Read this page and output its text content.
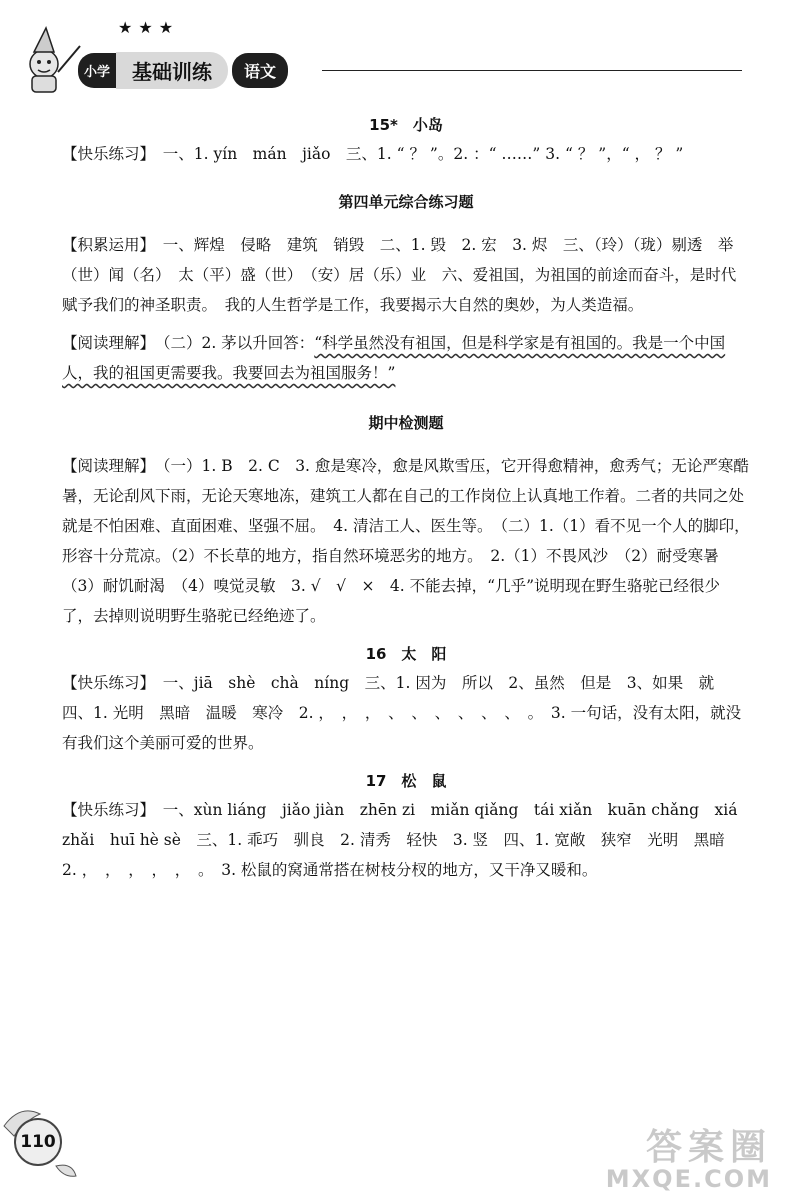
★★★
小学	基础训练	语文

15*　小岛

【快乐练习】　一、1. yín　mán　jiǎo　三、1. “ ？ ”。2. ：“ ……” 3. “ ？ ”，“ ， ？ ”

第四单元综合练习题

【积累运用】　一、辉煌　侵略　建筑　销毁　二、1. 毁　2. 宏　3. 烬　三、（玲）（珑）剔透　举（世）闻（名）　太（平）盛（世）　（安）居（乐）业　六、爱祖国，为祖国的前途而奋斗，是时代赋予我们的神圣职责。　我的人生哲学是工作，我要揭示大自然的奥妙，为人类造福。

【阅读理解】　（二）2. 茅以升回答：“科学虽然没有祖国，但是科学家是有祖国的。我是一个中国人，我的祖国更需要我。我要回去为祖国服务！”

期中检测题

【阅读理解】　（一）1. B　2. C　3. 愈是寒冷，愈是风欺雪压，它开得愈精神，愈秀气；无论严寒酷暑，无论刮风下雨，无论天寒地冻，建筑工人都在自己的工作岗位上认真地工作着。二者的共同之处就是不怕困难、直面困难、坚强不屈。　4. 清洁工人、医生等。　（二）1.（1）看不见一个人的脚印，形容十分荒凉。（2）不长草的地方，指自然环境恶劣的地方。　2.（1）不畏风沙　（2）耐受寒暑　（3）耐饥耐渴　（4）嗅觉灵敏　3. √　√　×　4. 不能去掉，“几乎”说明现在野生骆驼已经很少了，去掉则说明野生骆驼已经绝迹了。

16　太　阳

【快乐练习】　一、jiā　shè　chà　níng　三、1. 因为　所以　2、虽然　但是　3、如果　就　四、1. 光明　黑暗　温暖　寒冷　2. ，　，　，　、　、　、　、　、　、　。　3. 一句话，没有太阳，就没有我们这个美丽可爱的世界。

17　松　鼠

【快乐练习】　一、xùn liáng　jiǎo jiàn　zhēn zi　miǎn qiǎng　tái xiǎn　kuān chǎng　xiá zhǎi　huī hè sè　三、1. 乖巧　驯良　2. 清秀　轻快　3. 竖　四、1. 宽敞　狭窄　光明　黑暗　2. ，　，　，　，　，　。　3. 松鼠的窝通常搭在树枝分杈的地方，又干净又暖和。

110	答案圈
MXQE.COM
